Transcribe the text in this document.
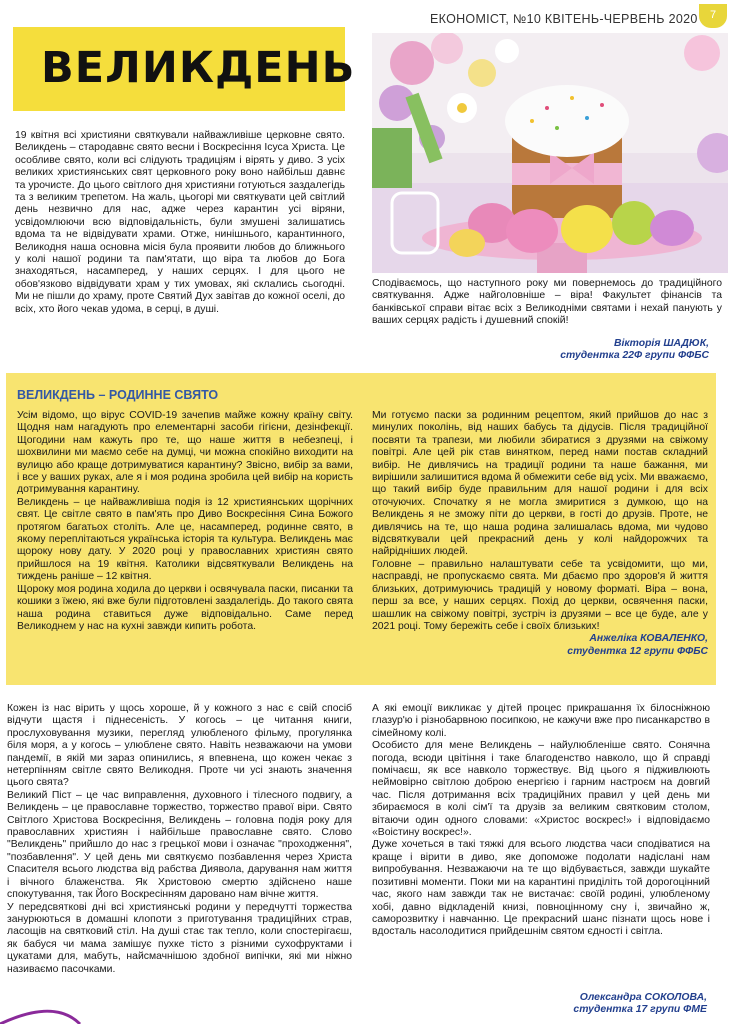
ЕКОНОМІСТ, №10 КВІТЕНЬ-ЧЕРВЕНЬ 2020	7
ВЕЛИКДЕНЬ
19 квітня всі християни святкували найважливіше церковне свято. Великдень – стародавнє свято весни і Воскресіння Ісуса Христа. Це особливе свято, коли всі слідують традиціям і вірять у диво. З усіх великих християнських свят церковного року воно найбільш давнє та урочисте. До цього світлого дня християни готуються заздалегідь та з великим трепетом. На жаль, цьогорі ми святкувати цей світлий день незвично для нас, адже через карантин усі віряни, усвідомлюючи всю відповідальність, були змушені залишатись вдома та не відвідувати храми. Отже, нинішнього, карантинного, Великодня наша основна місія була проявити любов до ближнього у колі нашої родини та пам'ятати, що віра та любов до Бога знаходяться, насамперед, у наших серцях. І для цього не обов'язково відвідувати храм у тих умовах, які склались сьогодні. Ми не пішли до храму, проте Святий Дух завітав до кожної оселі, до всіх, хто його чекав удома, в серці, в душі.
Сподіваємось, що наступного року ми повернемось до традиційного святкування. Адже найголовніше – віра! Факультет фінансів та банківської справи вітає всіх з Великодніми святами і нехай панують у ваших серцях радість і душевний спокій!
Вікторія ШАДЮК,
студентка 22Ф групи ФФБС
ВЕЛИКДЕНЬ – РОДИННЕ СВЯТО

Усім відомо, що вірус COVID-19 зачепив майже кожну країну світу. Щодня нам нагадують про елементарні засоби гігієни, дезінфекції. Щогодини нам кажуть про те, що наше життя в небезпеці, і шохвилини ми маємо себе на думці, чи можна спокійно виходити на вулицю або краще дотримуватися карантину? Звісно, вибір за вами, і все у ваших руках, але я і моя родина зробила цей вибір на користь дотримування карантину.

Великдень – це найважливіша подія із 12 християнських щорічних свят. Це світле свято в пам'ять про Диво Воскресіння Сина Божого протягом багатьох століть. Але це, насамперед, родинне свято, в якому переплітаються українська історія та культура. Великдень має щороку нову дату. У 2020 році у православних християн свято прийшлося на 19 квітня. Католики відсвяткували Великдень на тиждень раніше – 12 квітня.

Щороку моя родина ходила до церкви і освячувала паски, писанки та кошики з їжею, які вже були підготовлені заздалегідь. До такого свята наша родина ставиться дуже відповідально. Саме перед Великоднем у нас на кухні завжди кипить робота.

Ми готуємо паски за родинним рецептом, який прийшов до нас з минулих поколінь, від наших бабусь та дідусів. Після традиційної посвяти та трапези, ми любили збиратися з друзями на свіжому повітрі. Але цей рік став винятком, перед нами постав складний вибір. Не дивлячись на традиції родини та наше бажання, ми вирішили залишитися вдома й обмежити себе від усіх. Ми вважаємо, що такий вибір буде правильним для нашої родини і для всіх оточуючих. Спочатку я не могла змиритися з думкою, що на Великдень я не зможу піти до церкви, в гості до друзів. Проте, не дивлячись на те, що наша родина залишалась вдома, ми чудово відсвяткували цей прекрасний день у колі найдорожчих та найрідніших людей.

Головне – правильно налаштувати себе та усвідомити, що ми, насправді, не пропускаємо свята. Ми дбаємо про здоров'я й життя близьких, дотримуючись традицій у новому форматі. Віра – вона, перш за все, у наших серцях. Похід до церкви, освячення паски, шашлик на свіжому повітрі, зустріч із друзями – все це буде, але у 2021 році. Тому бережіть себе і своїх близьких!

Анжеліка КОВАЛЕНКО,
студентка 12 групи ФФБС

Кожен із нас вірить у щось хороше, й у кожного з нас є свій спосіб відчути щастя і піднесеність. У когось – це читання книги, прослуховування музики, перегляд улюбленого фільму, прогулянка біля моря, а у когось – улюблене свято. Навіть незважаючи на умови пандемії, в якій ми зараз опинились, я впевнена, що кожен чекає з нетерпінням світле свято Великодня. Проте чи усі знають значення цього свята?

Великий Піст – це час виправлення, духовного і тілесного подвигу, а Великдень – це православне торжество, торжество правої віри. Свято Світлого Христова Воскресіння, Великдень – головна подія року для православних християн і найбільше православне свято. Слово "Великдень" прийшло до нас з грецької мови і означає "проходження", "позбавлення". У цей день ми святкуємо позбавлення через Христа Спасителя всього людства від рабства Диявола, дарування нам життя і вічного блаженства. Як Христовою смертю здійснено наше спокутування, так Його Воскресінням даровано нам вічне життя.

У передсвяткові дні всі християнські родини у передчутті торжества занурюються в домашні клопоти з приготування традиційних страв, ласощів на святковий стіл. На душі стає так тепло, коли спостерігаєш, як бабуся чи мама замішує пухке тісто з різними сухофруктами і цукатами для, мабуть, найсмачнішою здобної випічки, які ми ніжно називаємо пасочками.

А які емоції викликає у дітей процес прикрашання їх білосніжною глазур'ю і різнобарвною посипкою, не кажучи вже про писанкарство в сімейному колі.

Особисто для мене Великдень – найулюбленіше свято. Сонячна погода, всюди цвітіння і таке благоденство навколо, що й справді помічаєш, як все навколо торжествує. Від цього я підживлюють неймовірно світлою доброю енергією і гарним настроєм на довгий час. Після дотримання всіх традиційних правил у цей день ми збираємося в колі сім'ї та друзів за великим святковим столом, вітаючи один одного словами: «Христос воскрес!» і відповідаємо «Воістину воскрес!».

Дуже хочеться в такі тяжкі для всього людства часи сподіватися на краще і вірити в диво, яке допоможе подолати надіслані нам випробування. Незважаючи на те що відбувається, завжди шукайте позитивні моменти. Поки ми на карантині приділіть той дорогоцінний час, якого нам завжди так не вистачає: своїй родині, улюбленому хобі, давно відкладеній книзі, повноцінному сну і, звичайно ж, саморозвитку і навчанню. Це прекрасний шанс пізнати щось нове і вдосталь насолодитися прийдешнім святом єдності і світла.

Олександра СОКОЛОВА,
студентка 17 групи ФМЕ
